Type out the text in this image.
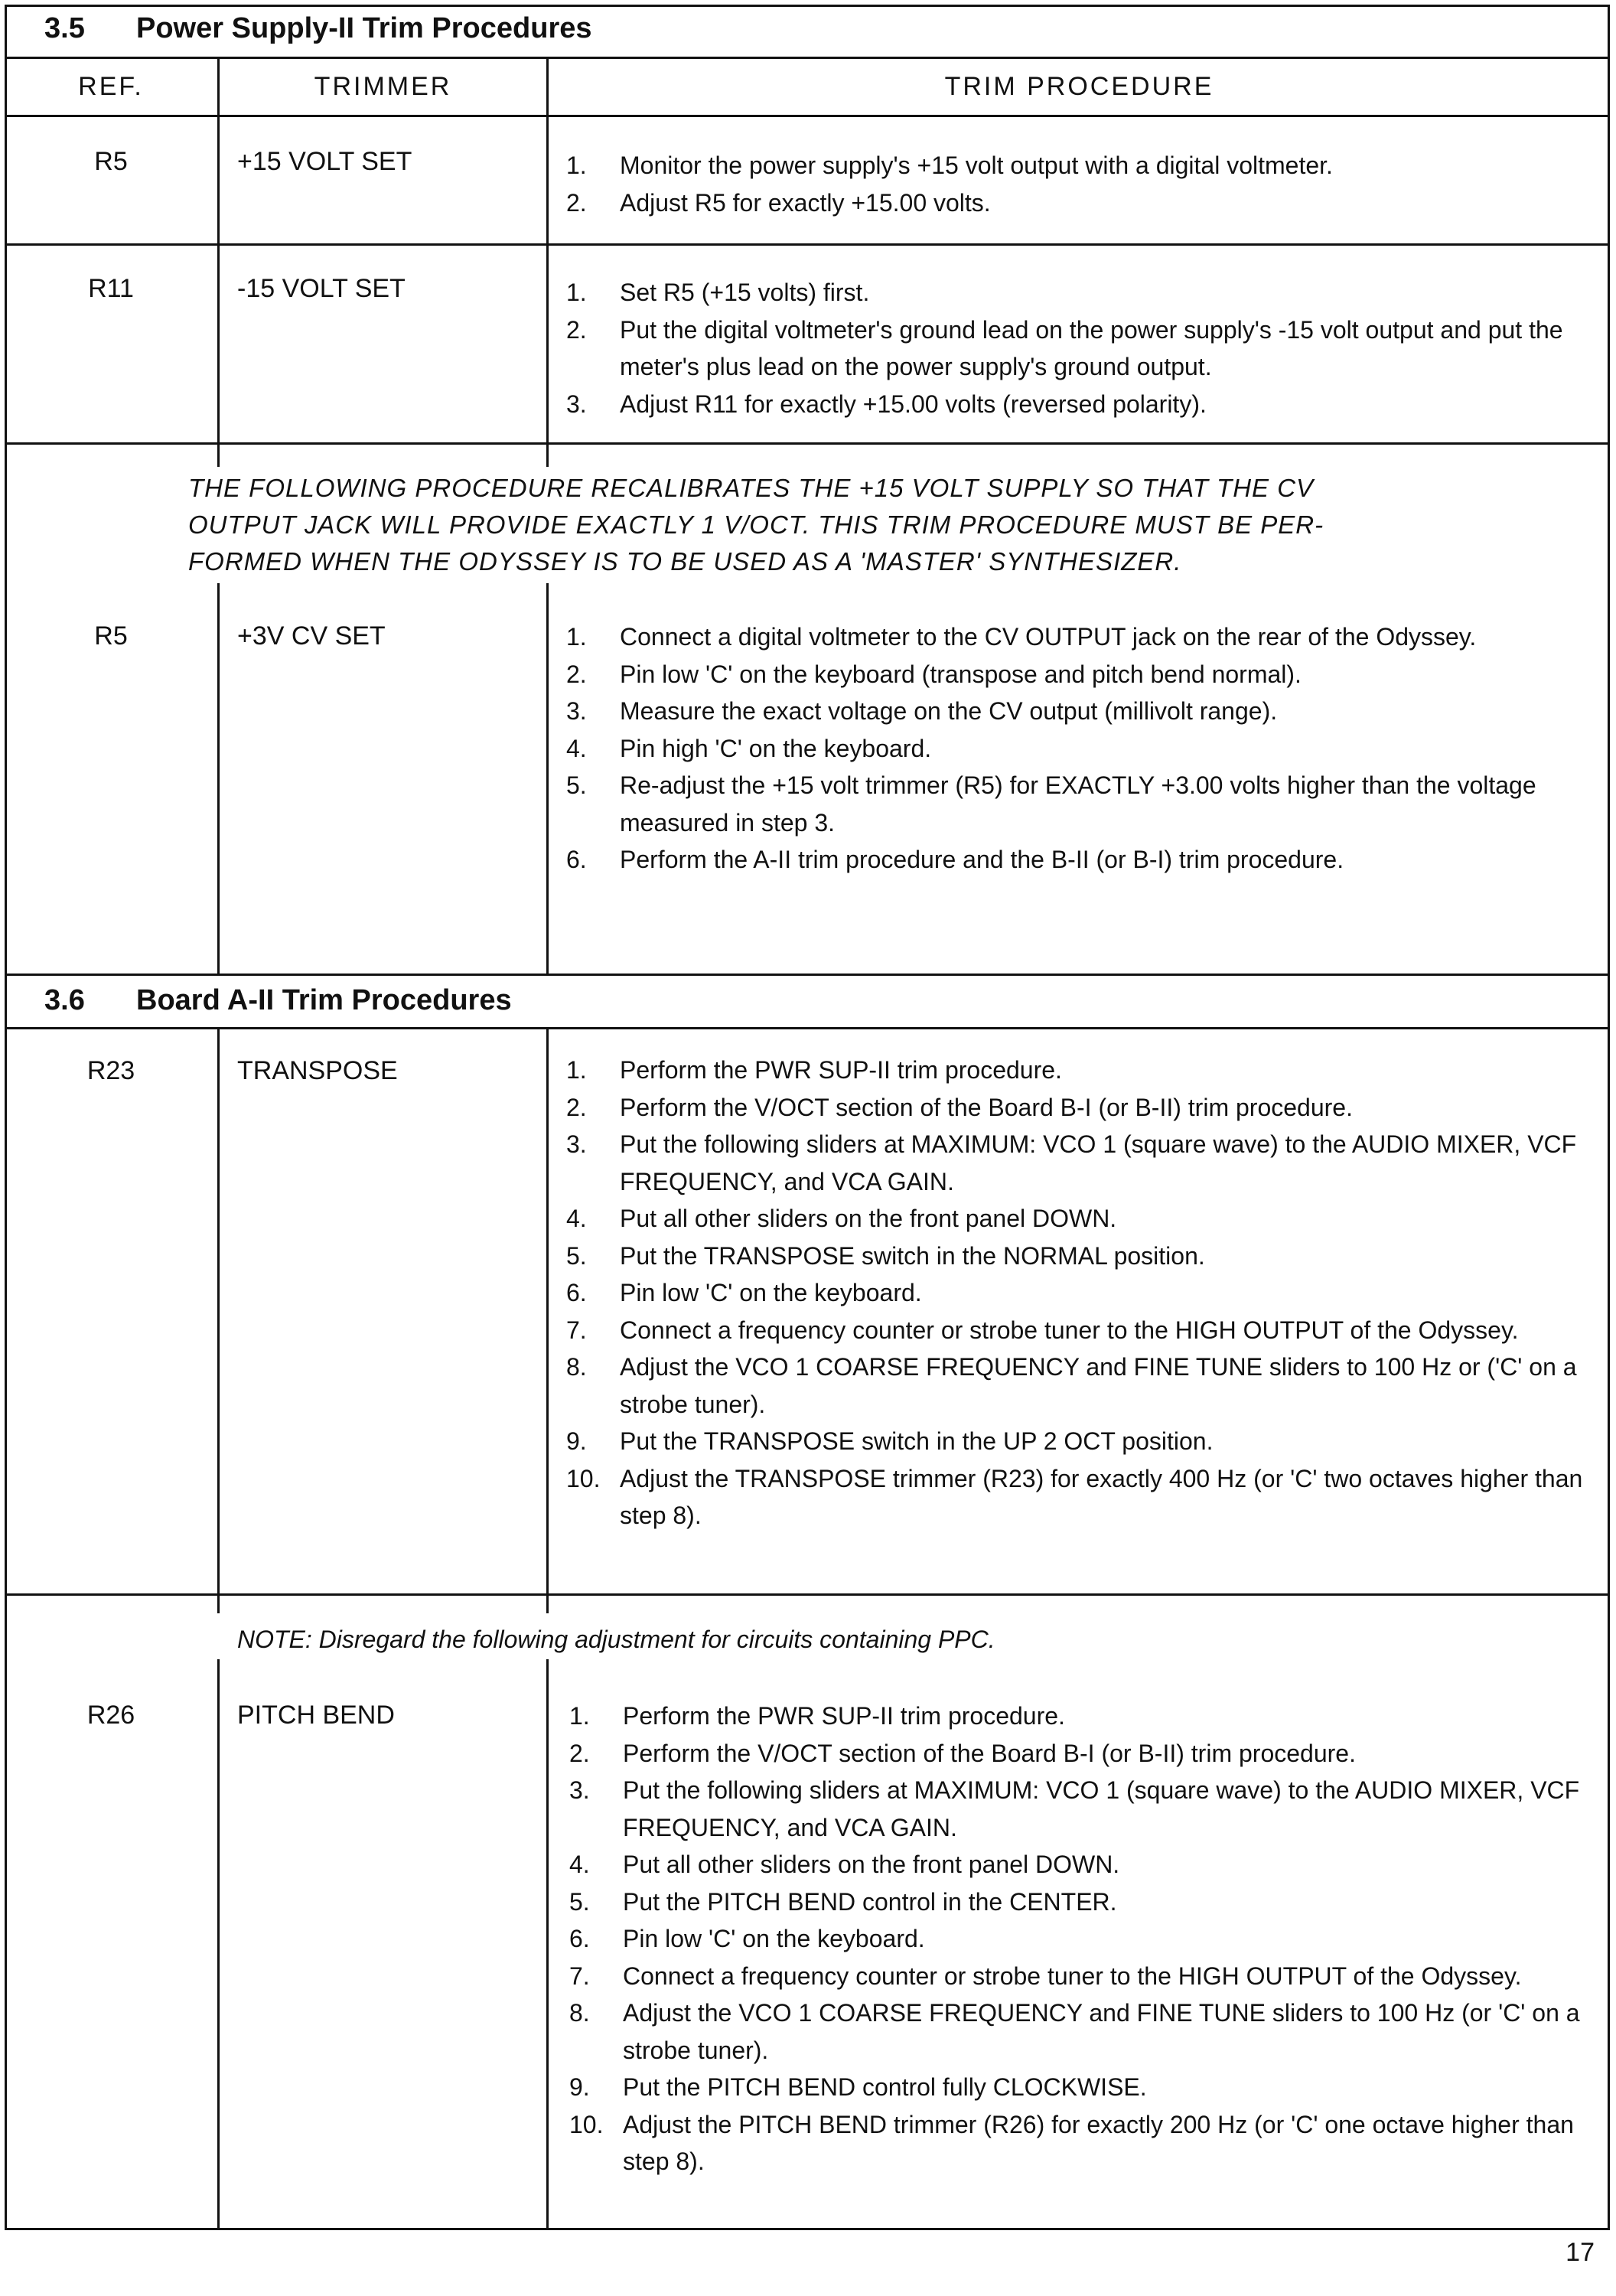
3.5 Power Supply-II Trim Procedures
REF.	TRIMMER	TRIM PROCEDURE
R5	+15 VOLT SET	1.	Monitor the power supply's +15 volt output with a digital voltmeter.
2.	Adjust R5 for exactly +15.00 volts.
R11	-15 VOLT SET	1.	Set R5 (+15 volts) first.
2.	Put the digital voltmeter's ground lead on the power supply's -15 volt output and put the meter's plus lead on the power supply's ground output.
3.	Adjust R11 for exactly +15.00 volts (reversed polarity).

THE FOLLOWING PROCEDURE RECALIBRATES THE +15 VOLT SUPPLY SO THAT THE CV

OUTPUT JACK WILL PROVIDE EXACTLY 1 V/OCT. THIS TRIM PROCEDURE MUST BE PER-

FORMED WHEN THE ODYSSEY IS TO BE USED AS A 'MASTER' SYNTHESIZER.

R5	+3V CV SET	1.	Connect a digital voltmeter to the CV OUTPUT jack on the rear of the Odyssey.
2.	Pin low 'C' on the keyboard (transpose and pitch bend normal).
3.	Measure the exact voltage on the CV output (millivolt range).
4.	Pin high 'C' on the keyboard.
5.	Re-adjust the +15 volt trimmer (R5) for EXACTLY +3.00 volts higher than the voltage measured in step 3.
6.	Perform the A-II trim procedure and the B-II (or B-I) trim procedure.
3.6 Board A-II Trim Procedures
R23	TRANSPOSE	1.	Perform the PWR SUP-II trim procedure.
2.	Perform the V/OCT section of the Board B-I (or B-II) trim procedure.
3.	Put the following sliders at MAXIMUM: VCO 1 (square wave) to the AUDIO MIXER, VCF FREQUENCY, and VCA GAIN.
4.	Put all other sliders on the front panel DOWN.
5.	Put the TRANSPOSE switch in the NORMAL position.
6.	Pin low 'C' on the keyboard.
7.	Connect a frequency counter or strobe tuner to the HIGH OUTPUT of the Odyssey.
8.	Adjust the VCO 1 COARSE FREQUENCY and FINE TUNE sliders to 100 Hz or ('C' on a strobe tuner).
9.	Put the TRANSPOSE switch in the UP 2 OCT position.
10. Adjust the TRANSPOSE trimmer (R23) for exactly 400 Hz (or 'C' two octaves higher than step 8).
NOTE: Disregard the following adjustment for circuits containing PPC.
R26	PITCH BEND	1.	Perform the PWR SUP-II trim procedure.
2.	Perform the V/OCT section of the Board B-I (or B-II) trim procedure.
3.	Put the following sliders at MAXIMUM: VCO 1 (square wave) to the AUDIO MIXER, VCF FREQUENCY, and VCA GAIN.
4.	Put all other sliders on the front panel DOWN.
5.	Put the PITCH BEND control in the CENTER.
6.	Pin low 'C' on the keyboard.
7.	Connect a frequency counter or strobe tuner to the HIGH OUTPUT of the Odyssey.
8.	Adjust the VCO 1 COARSE FREQUENCY and FINE TUNE sliders to 100 Hz (or 'C' on a strobe tuner).
9.	Put the PITCH BEND control fully CLOCKWISE.
10. Adjust the PITCH BEND trimmer (R26) for exactly 200 Hz (or 'C' one octave higher than step 8).
17
